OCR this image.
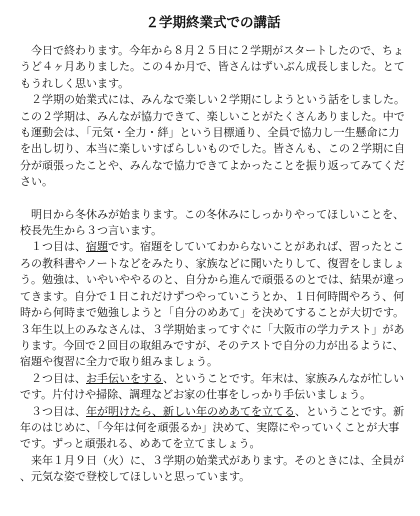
２学期終業式での講話

　今日で終わります。今年から８月２５日に２学期がスタートしたので、ちょうど４ヶ月ありました。この４か月で、皆さんはずいぶん成長しました。とてもうれしく思います。

　２学期の始業式には、みんなで楽しい２学期にしようという話をしました。この２学期は、みんなが協力できて、楽しいことがたくさんありました。中でも運動会は、「元気・全力・絆」という目標通り、全員で協力し一生懸命に力を出し切り、本当に楽しいすばらしいものでした。皆さんも、この２学期に自分が頑張ったことや、みんなで協力できてよかったことを振り返ってみてください。

　明日から冬休みが始まります。この冬休みにしっかりやってほしいことを、校長先生から３つ言います。

　１つ目は、宿題です。宿題をしていてわからないことがあれば、習ったところの教科書やノートなどをみたり、家族などに聞いたりして、復習をしましょう。勉強は、いやいややるのと、自分から進んで頑張るのとでは、結果が違ってきます。自分で１日これだけずつやっていこうとか、１日何時間やろう、何時から何時まで勉強しようと「自分のめあて」を決めてすることが大切です。３年生以上のみなさんは、３学期始まってすぐに「大阪市の学力テスト」があります。今回で２回目の取組みですが、そのテストで自分の力が出るように、宿題や復習に全力で取り組みましょう。

　２つ目は、お手伝いをする、ということです。年末は、家族みんなが忙しいです。片付けや掃除、調理などお家の仕事をしっかり手伝いましょう。

　３つ目は、年が明けたら、新しい年のめあてを立てる、ということです。新年のはじめに、「今年は何を頑張るか」決めて、実際にやっていくことが大事です。ずっと頑張れる、めあてを立てましょう。

　来年１月９日（火）に、３学期の始業式があります。そのときには、全員が、元気な姿で登校してほしいと思っています。
